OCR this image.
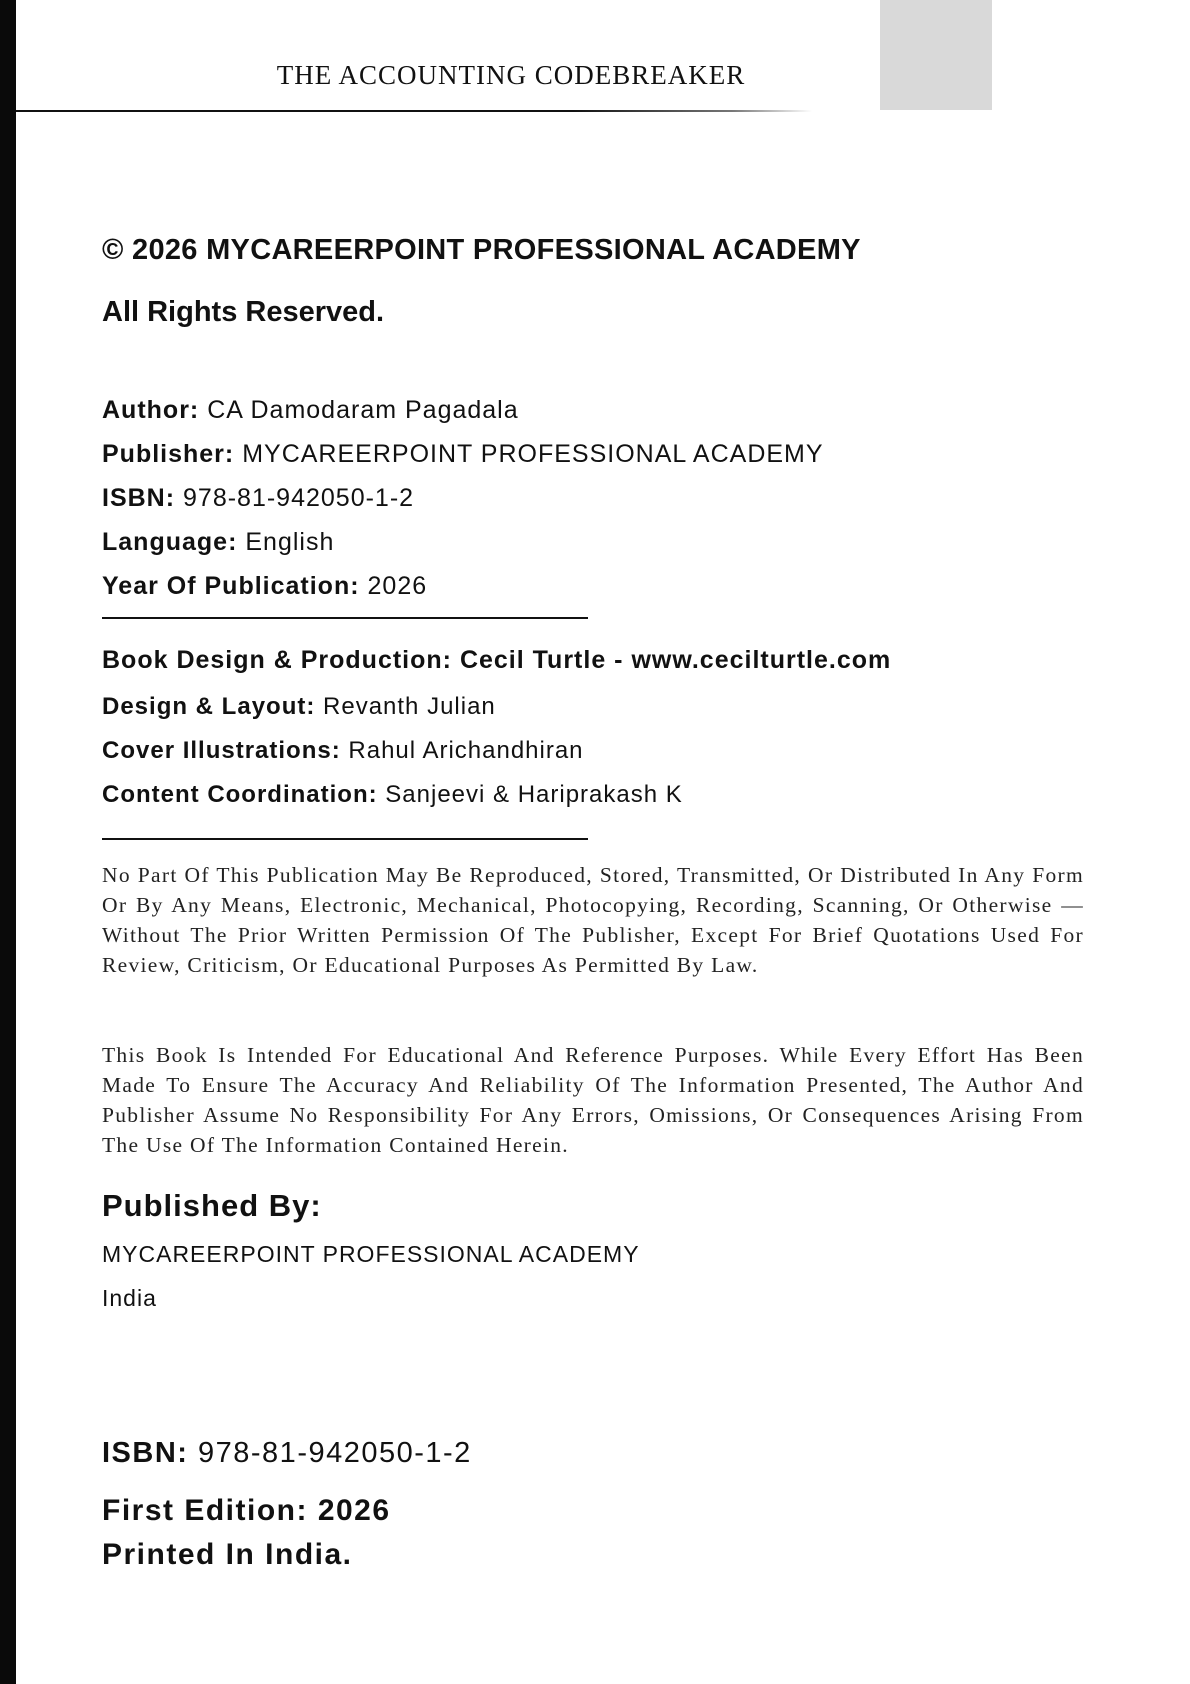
THE ACCOUNTING CODEBREAKER
© 2026 MYCAREERPOINT PROFESSIONAL ACADEMY
All Rights Reserved.
Author: CA Damodaram Pagadala
Publisher: MYCAREERPOINT PROFESSIONAL ACADEMY
ISBN: 978-81-942050-1-2
Language: English
Year Of Publication: 2026
Book Design & Production: Cecil Turtle - www.cecilturtle.com
Design & Layout: Revanth Julian
Cover Illustrations: Rahul Arichandhiran
Content Coordination: Sanjeevi & Hariprakash K
No Part Of This Publication May Be Reproduced, Stored, Transmitted, Or Distributed In Any Form Or By Any Means, Electronic, Mechanical, Photocopying, Recording, Scanning, Or Otherwise — Without The Prior Written Permission Of The Publisher, Except For Brief Quotations Used For Review, Criticism, Or Educational Purposes As Permitted By Law.
This Book Is Intended For Educational And Reference Purposes. While Every Effort Has Been Made To Ensure The Accuracy And Reliability Of The Information Presented, The Author And Publisher Assume No Responsibility For Any Errors, Omissions, Or Consequences Arising From The Use Of The Information Contained Herein.
Published By:
MYCAREERPOINT PROFESSIONAL ACADEMY
India
ISBN: 978-81-942050-1-2
First Edition: 2026
Printed In India.
